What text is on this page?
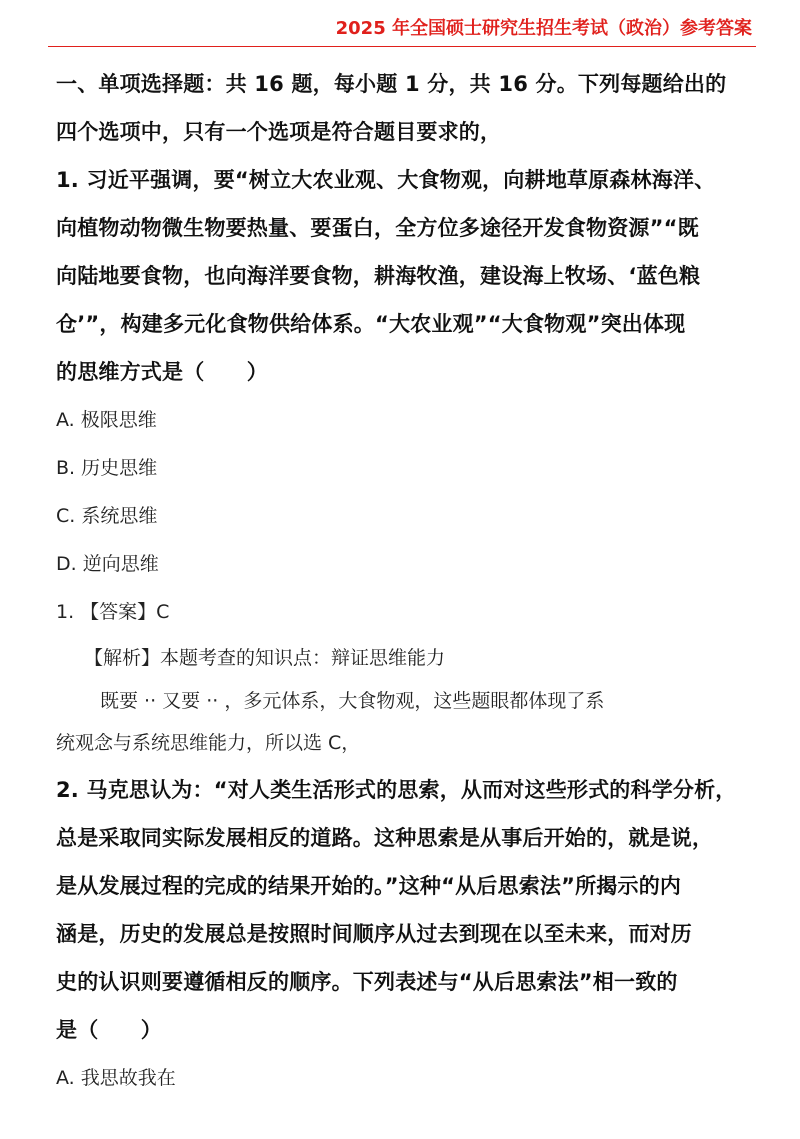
2025 年全国硕士研究生招生考试（政治）参考答案

一、单项选择题：共 16 题，每小题 1 分，共 16 分。下列每题给出的

四个选项中，只有一个选项是符合题目要求的，

1. 习近平强调，要“树立大农业观、大食物观，向耕地草原森林海洋、

向植物动物微生物要热量、要蛋白，全方位多途径开发食物资源”“既

向陆地要食物，也向海洋要食物，耕海牧渔，建设海上牧场、‘蓝色粮

仓’”，构建多元化食物供给体系。“大农业观”“大食物观”突出体现

的思维方式是（　　）

A. 极限思维

B. 历史思维

C. 系统思维

D. 逆向思维

1. 【答案】C

【解析】本题考查的知识点：辩证思维能力

既要 ·· 又要 ·· ，多元体系，大食物观，这些题眼都体现了系

统观念与系统思维能力，所以选 C，

2. 马克思认为：“对人类生活形式的思索，从而对这些形式的科学分析，

总是采取同实际发展相反的道路。这种思索是从事后开始的，就是说，

是从发展过程的完成的结果开始的。”这种“从后思索法”所揭示的内

涵是，历史的发展总是按照时间顺序从过去到现在以至未来，而对历

史的认识则要遵循相反的顺序。下列表述与“从后思索法”相一致的

是（　　）

A. 我思故我在
